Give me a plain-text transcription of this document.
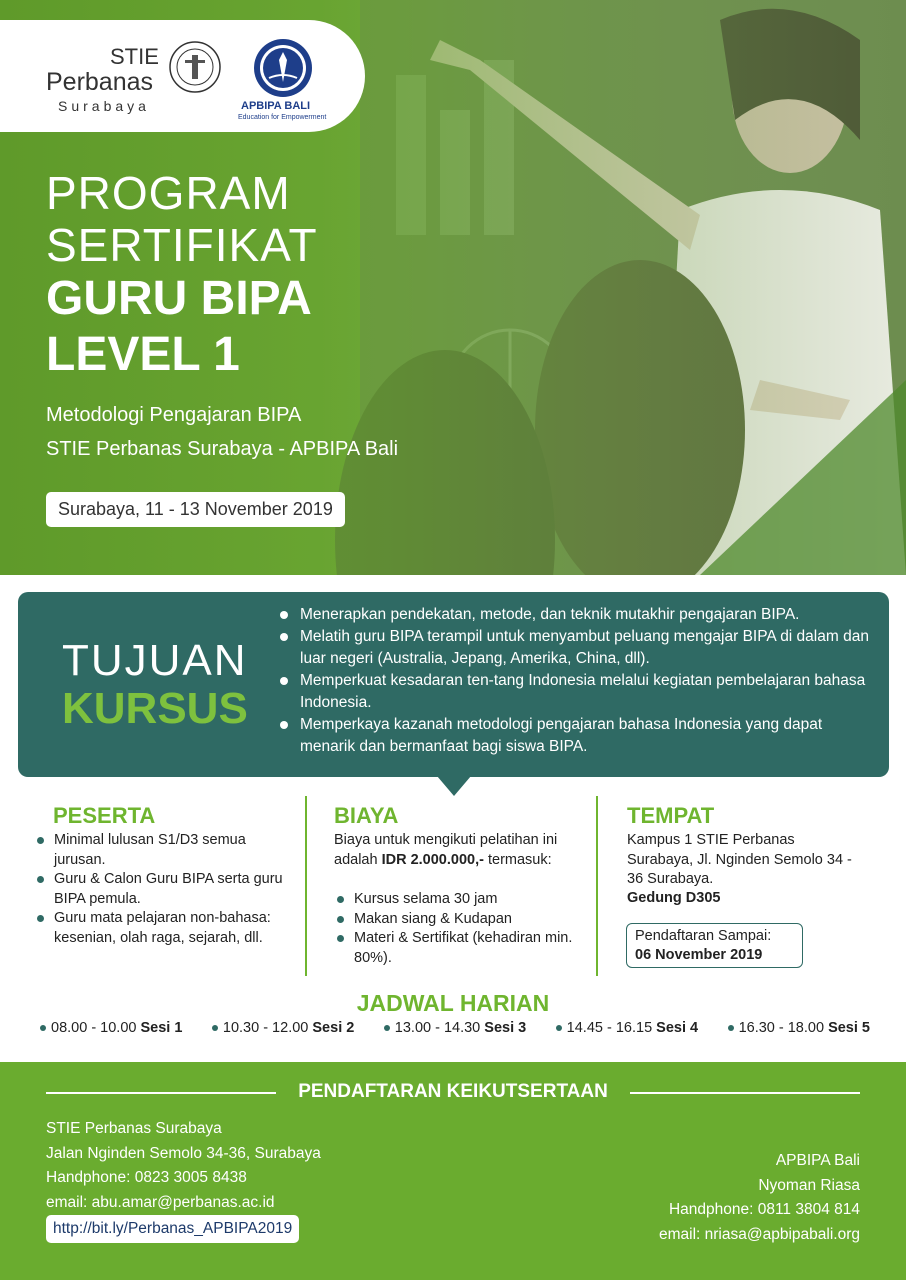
STIE
Perbanas
Surabaya	APBIPA BALI
Education for Empowerment
PROGRAM
SERTIFIKAT
GURU BIPA
LEVEL 1
Metodologi Pengajaran BIPA
STIE Perbanas Surabaya - APBIPA Bali
Surabaya, 11 - 13 November 2019
TUJUAN
KURSUS
Menerapkan pendekatan, metode, dan teknik mutakhir pengajaran BIPA.
Melatih guru BIPA terampil untuk menyambut peluang mengajar BIPA di dalam dan luar negeri (Australia, Jepang, Amerika, China, dll).
Memperkuat kesadaran ten-tang Indonesia melalui kegiatan pembelajaran bahasa Indonesia.
Memperkaya kazanah metodologi pengajaran bahasa Indonesia yang dapat menarik dan bermanfaat bagi siswa BIPA.
PESERTA
Minimal lulusan S1/D3 semua jurusan.
Guru & Calon Guru BIPA serta guru BIPA pemula.
Guru mata pelajaran non-bahasa: kesenian, olah raga, sejarah, dll.
BIAYA
Biaya untuk mengikuti pelatihan ini adalah IDR 2.000.000,- termasuk:
Kursus selama 30 jam
Makan siang & Kudapan
Materi & Sertifikat (kehadiran min. 80%).
TEMPAT
Kampus 1 STIE Perbanas Surabaya, Jl. Nginden Semolo 34 - 36 Surabaya.
Gedung D305
Pendaftaran Sampai:
06 November 2019
JADWAL HARIAN
08.00 - 10.00
Sesi 1	10.30 - 12.00
Sesi 2	13.00 - 14.30
Sesi 3	14.45 - 16.15
Sesi 4	16.30 - 18.00
Sesi 5
PENDAFTARAN KEIKUTSERTAAN
STIE Perbanas Surabaya
Jalan Nginden Semolo 34-36, Surabaya
Handphone: 0823 3005 8438
email: abu.amar@perbanas.ac.id
http://bit.ly/Perbanas_APBIPA2019
APBIPA Bali
Nyoman Riasa
Handphone: 0811 3804 814
email: nriasa@apbipabali.org
